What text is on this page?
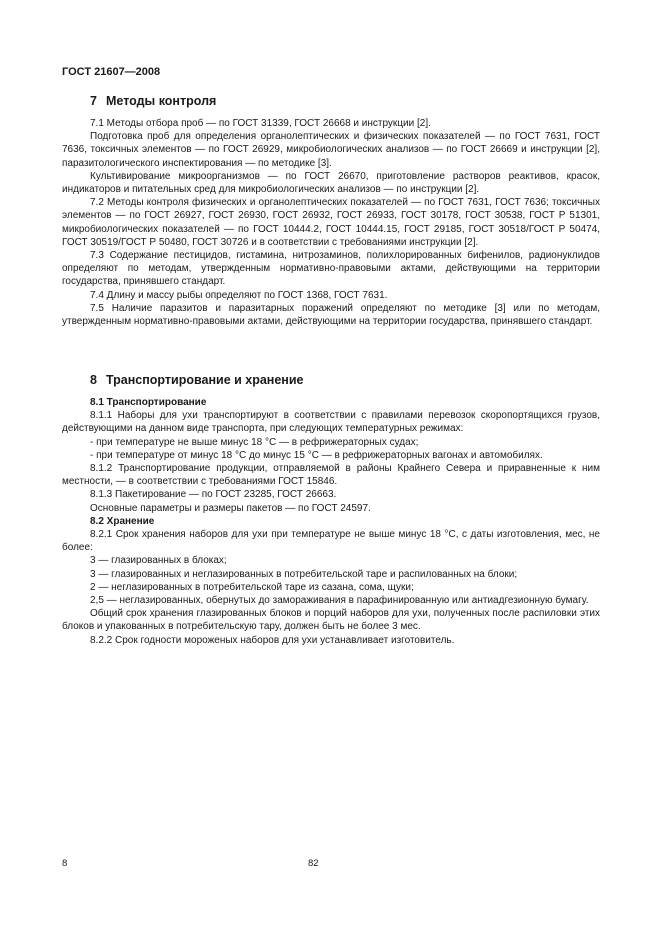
ГОСТ 21607—2008
7 Методы контроля

7.1 Методы отбора проб — по ГОСТ 31339, ГОСТ 26668 и инструкции [2].

Подготовка проб для определения органолептических и физических показателей — по ГОСТ 7631, ГОСТ 7636, токсичных элементов — по ГОСТ 26929, микробиологических анализов — по ГОСТ 26669 и инструкции [2], паразитологического инспектирования — по методике [3].

Культивирование микроорганизмов — по ГОСТ 26670, приготовление растворов реактивов, красок, индикаторов и питательных сред для микробиологических анализов — по инструкции [2].

7.2 Методы контроля физических и органолептических показателей — по ГОСТ 7631, ГОСТ 7636; токсичных элементов — по ГОСТ 26927, ГОСТ 26930, ГОСТ 26932, ГОСТ 26933, ГОСТ 30178, ГОСТ 30538, ГОСТ Р 51301, микробиологических показателей — по ГОСТ 10444.2, ГОСТ 10444.15, ГОСТ 29185, ГОСТ 30518/ГОСТ Р 50474, ГОСТ 30519/ГОСТ Р 50480, ГОСТ 30726 и в соответствии с требованиями инструкции [2].

7.3 Содержание пестицидов, гистамина, нитрозаминов, полихлорированных бифенилов, радионуклидов определяют по методам, утвержденным нормативно-правовыми актами, действующими на территории государства, принявшего стандарт.

7.4 Длину и массу рыбы определяют по ГОСТ 1368, ГОСТ 7631.

7.5 Наличие паразитов и паразитарных поражений определяют по методике [3] или по методам, утвержденным нормативно-правовыми актами, действующими на территории государства, принявшего стандарт.

8 Транспортирование и хранение

8.1 Транспортирование

8.1.1 Наборы для ухи транспортируют в соответствии с правилами перевозок скоропортящихся грузов, действующими на данном виде транспорта, при следующих температурных режимах:

- при температуре не выше минус 18 °С — в рефрижераторных судах;

- при температуре от минус 18 °С до минус 15 °С — в рефрижераторных вагонах и автомобилях.

8.1.2 Транспортирование продукции, отправляемой в районы Крайнего Севера и приравненные к ним местности, — в соответствии с требованиями ГОСТ 15846.

8.1.3 Пакетирование — по ГОСТ 23285, ГОСТ 26663.

Основные параметры и размеры пакетов — по ГОСТ 24597.

8.2 Хранение

8.2.1 Срок хранения наборов для ухи при температуре не выше минус 18 °С, с даты изготовления, мес, не более:

3 — глазированных в блоках;

3 — глазированных и неглазированных в потребительской таре и распилованных на блоки;

2 — неглазированных в потребительской таре из сазана, сома, щуки;

2,5 — неглазированных, обернутых до замораживания в парафинированную или антиадгезионную бумагу.

Общий срок хранения глазированных блоков и порций наборов для ухи, полученных после распиловки этих блоков и упакованных в потребительскую тару, должен быть не более 3 мес.

8.2.2 Срок годности мороженых наборов для ухи устанавливает изготовитель.

8	82
